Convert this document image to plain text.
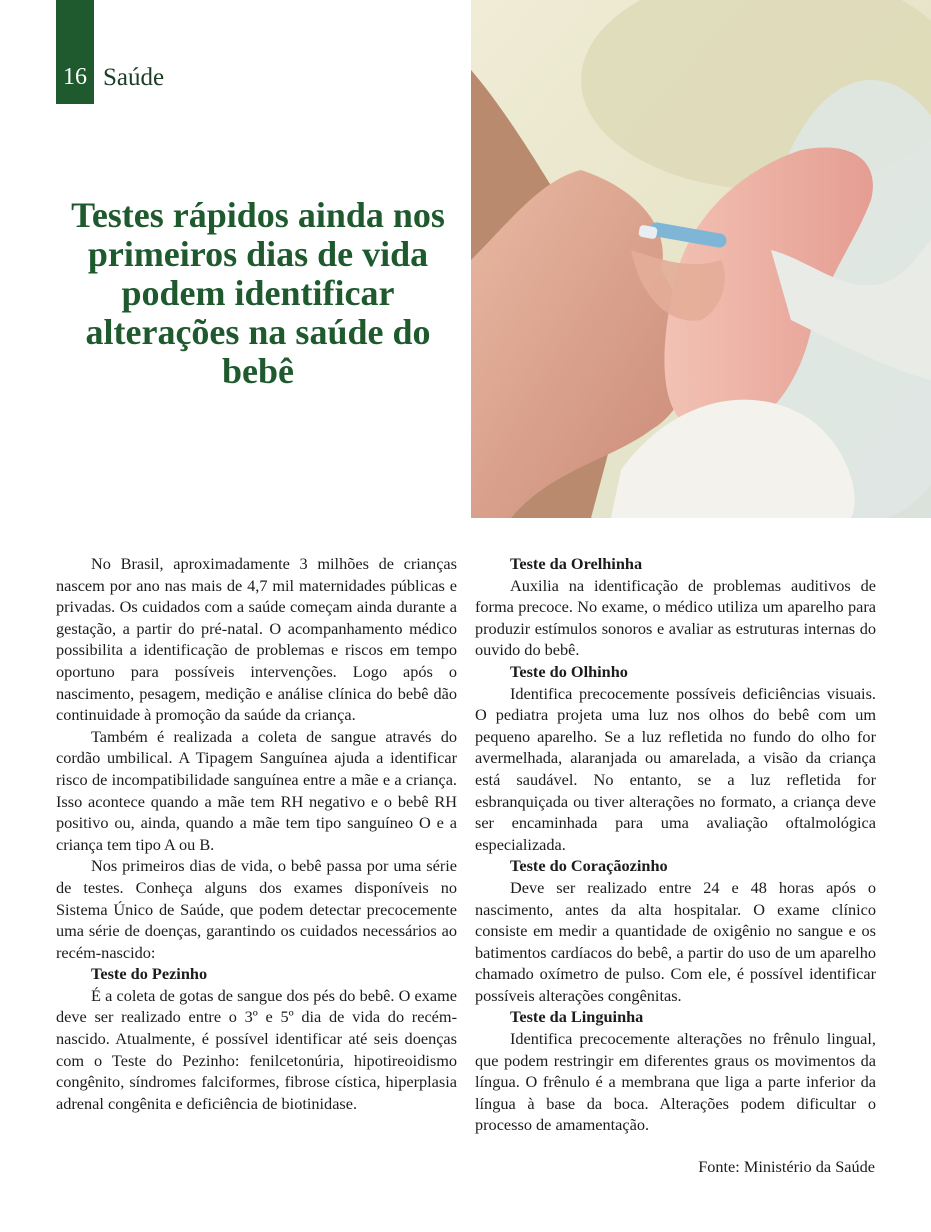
16 Saúde
Testes rápidos ainda nos primeiros dias de vida podem identificar alterações na saúde do bebê

No Brasil, aproximadamente 3 milhões de crianças nascem por ano nas mais de 4,7 mil maternidades públicas e privadas. Os cuidados com a saúde começam ainda durante a gestação, a partir do pré-natal. O acompanhamento médico possibilita a identificação de problemas e riscos em tempo oportuno para possíveis intervenções. Logo após o nascimento, pesagem, medição e análise clínica do bebê dão continuidade à promoção da saúde da criança.

Também é realizada a coleta de sangue através do cordão umbilical. A Tipagem Sanguínea ajuda a identificar risco de incompatibilidade sanguínea entre a mãe e a criança. Isso acontece quando a mãe tem RH negativo e o bebê RH positivo ou, ainda, quando a mãe tem tipo sanguíneo O e a criança tem tipo A ou B.

Nos primeiros dias de vida, o bebê passa por uma série de testes. Conheça alguns dos exames disponíveis no Sistema Único de Saúde, que podem detectar precocemente uma série de doenças, garantindo os cuidados necessários ao recém-nascido:

Teste do Pezinho

É a coleta de gotas de sangue dos pés do bebê. O exame deve ser realizado entre o 3º e 5º dia de vida do recém-nascido. Atualmente, é possível identificar até seis doenças com o Teste do Pezinho: fenilcetonúria, hipotireoidismo congênito, síndromes falciformes, fibrose cística, hiperplasia adrenal congênita e deficiência de biotinidase.

Teste da Orelhinha

Auxilia na identificação de problemas auditivos de forma precoce. No exame, o médico utiliza um aparelho para produzir estímulos sonoros e avaliar as estruturas internas do ouvido do bebê.

Teste do Olhinho

Identifica precocemente possíveis deficiências visuais. O pediatra projeta uma luz nos olhos do bebê com um pequeno aparelho. Se a luz refletida no fundo do olho for avermelhada, alaranjada ou amarelada, a visão da criança está saudável. No entanto, se a luz refletida for esbranquiçada ou tiver alterações no formato, a criança deve ser encaminhada para uma avaliação oftalmológica especializada.

Teste do Coraçãozinho

Deve ser realizado entre 24 e 48 horas após o nascimento, antes da alta hospitalar. O exame clínico consiste em medir a quantidade de oxigênio no sangue e os batimentos cardíacos do bebê, a partir do uso de um aparelho chamado oxímetro de pulso. Com ele, é possível identificar possíveis alterações congênitas.

Teste da Linguinha

Identifica precocemente alterações no frênulo lingual, que podem restringir em diferentes graus os movimentos da língua. O frênulo é a membrana que liga a parte inferior da língua à base da boca. Alterações podem dificultar o processo de amamentação.

Fonte: Ministério da Saúde
